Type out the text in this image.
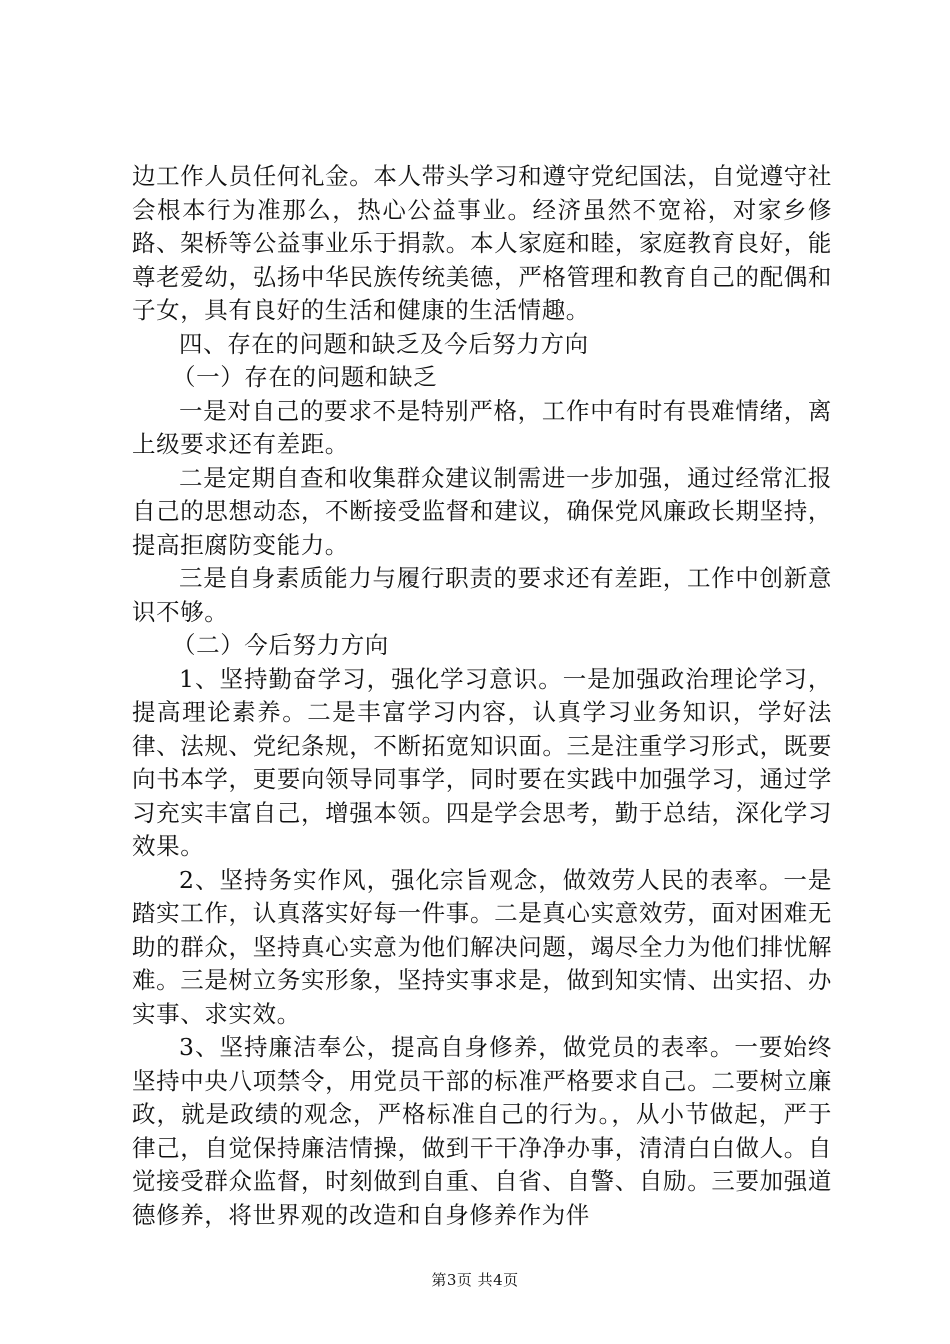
边工作人员任何礼金。本人带头学习和遵守党纪国法，自觉遵守社会根本行为准那么，热心公益事业。经济虽然不宽裕，对家乡修路、架桥等公益事业乐于捐款。本人家庭和睦，家庭教育良好，能尊老爱幼，弘扬中华民族传统美德，严格管理和教育自己的配偶和子女，具有良好的生活和健康的生活情趣。

四、存在的问题和缺乏及今后努力方向

（一）存在的问题和缺乏

一是对自己的要求不是特别严格，工作中有时有畏难情绪，离上级要求还有差距。

二是定期自查和收集群众建议制需进一步加强，通过经常汇报自己的思想动态，不断接受监督和建议，确保党风廉政长期坚持，提高拒腐防变能力。

三是自身素质能力与履行职责的要求还有差距，工作中创新意识不够。

（二）今后努力方向

1、坚持勤奋学习，强化学习意识。一是加强政治理论学习，提高理论素养。二是丰富学习内容，认真学习业务知识，学好法律、法规、党纪条规，不断拓宽知识面。三是注重学习形式，既要向书本学，更要向领导同事学，同时要在实践中加强学习，通过学习充实丰富自己，增强本领。四是学会思考，勤于总结，深化学习效果。

2、坚持务实作风，强化宗旨观念，做效劳人民的表率。一是踏实工作，认真落实好每一件事。二是真心实意效劳，面对困难无助的群众，坚持真心实意为他们解决问题，竭尽全力为他们排忧解难。三是树立务实形象，坚持实事求是，做到知实情、出实招、办实事、求实效。

3、坚持廉洁奉公，提高自身修养，做党员的表率。一要始终坚持中央八项禁令，用党员干部的标准严格要求自己。二要树立廉政，就是政绩的观念，严格标准自己的行为。，从小节做起，严于律己，自觉保持廉洁情操，做到干干净净办事，清清白白做人。自觉接受群众监督，时刻做到自重、自省、自警、自励。三要加强道德修养，将世界观的改造和自身修养作为伴

第3页 共4页
